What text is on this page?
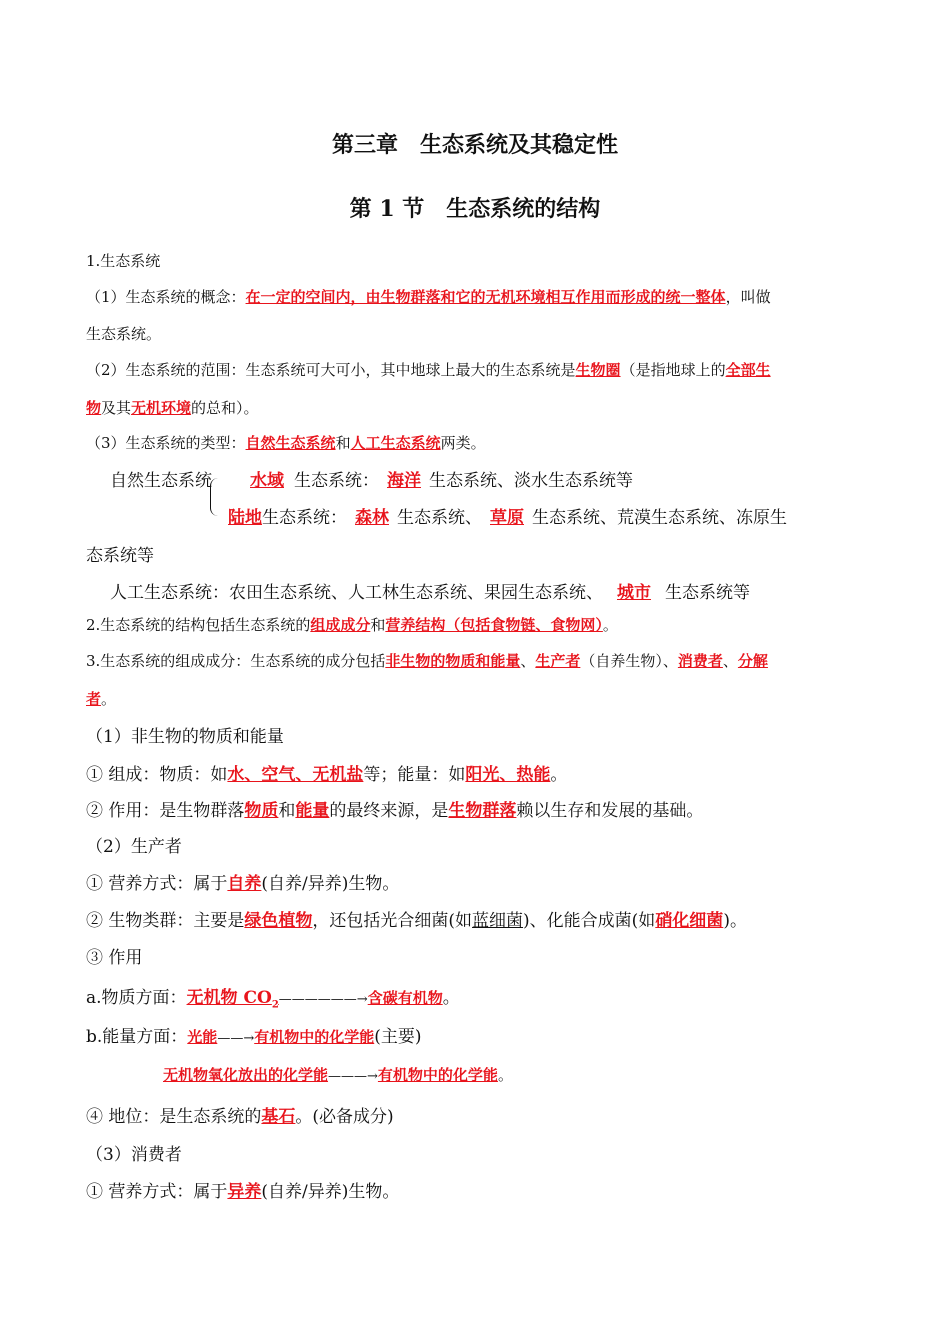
第三章　生态系统及其稳定性
第 1 节　生态系统的结构
1.生态系统
（1）生态系统的概念：在一定的空间内，由生物群落和它的无机环境相互作用而形成的统一整体，叫做
生态系统。
（2）生态系统的范围：生态系统可大可小，其中地球上最大的生态系统是生物圈（是指地球上的全部生
物及其无机环境的总和）。
（3）生态系统的类型：自然生态系统和人工生态系统两类。
自然生态系统	水域 生态系统： 海洋 生态系统、淡水生态系统等
陆地生态系统： 森林 生态系统、 草原 生态系统、荒漠生态系统、冻原生
态系统等
人工生态系统：农田生态系统、人工林生态系统、果园生态系统、 城市 生态系统等
2.生态系统的结构包括生态系统的组成成分和营养结构（包括食物链、食物网）。
3.生态系统的组成成分：生态系统的成分包括非生物的物质和能量、生产者（自养生物）、消费者、分解
者。
（1）非生物的物质和能量
① 组成：物质：如水、空气、无机盐等；能量：如阳光、热能。
② 作用：是生物群落物质和能量的最终来源，是生物群落赖以生存和发展的基础。
（2）生产者
① 营养方式：属于自养(自养/异养)生物。
② 生物类群：主要是绿色植物，还包括光合细菌(如蓝细菌)、化能合成菌(如硝化细菌)。
③ 作用
a.物质方面：无机物 $CO_2——————\to$含碳有机物。
b.能量方面：光能——→有机物中的化学能(主要)
无机物氧化放出的化学能———→有机物中的化学能。
④ 地位：是生态系统的基石。(必备成分)
（3）消费者
① 营养方式：属于异养(自养/异养)生物。
